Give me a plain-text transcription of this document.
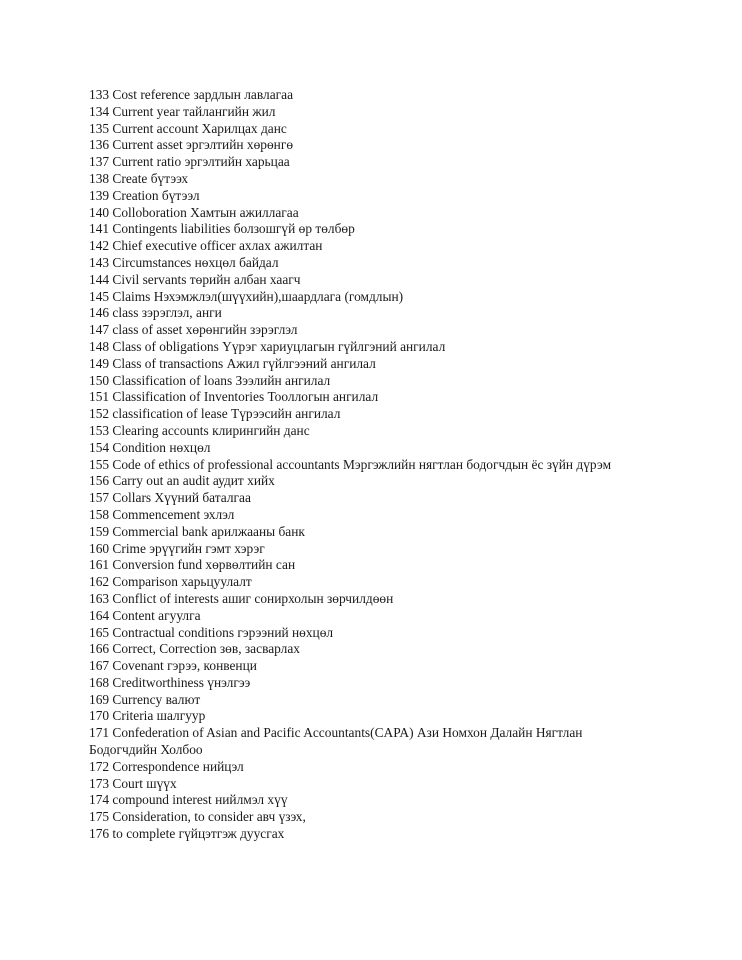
133 Cost reference зардлын лавлагаа
134 Current year тайлангийн жил
135 Current account Харилцах данс
136 Current asset эргэлтийн хөрөнгө
137 Current ratio эргэлтийн харьцаа
138 Create бүтээх
139 Creation бүтээл
140 Colloboration Хамтын ажиллагаа
141 Contingents liabilities болзошгүй өр төлбөр
142 Chief executive officer ахлах ажилтан
143 Circumstances нөхцөл байдал
144 Civil servants төрийн албан хаагч
145 Claims Нэхэмжлэл(шүүхийн),шаардлага (гомдлын)
146 class зэрэглэл, анги
147 class of asset хөрөнгийн зэрэглэл
148 Class of obligations Үүрэг хариуцлагын гүйлгэний ангилал
149 Class of transactions Ажил гүйлгээний ангилал
150 Classification of loans Зээлийн ангилал
151 Classification of Inventories Тооллогын ангилал
152 classification of lease Түрээсийн ангилал
153 Clearing accounts клирингийн данс
154 Condition нөхцөл
155 Code of ethics of professional accountants Мэргэжлийн нягтлан бодогчдын ёс зүйн дүрэм
156 Carry out an audit аудит хийх
157 Collars Хүүний баталгаа
158 Commencement эхлэл
159 Commercial bank арилжааны банк
160 Crime эрүүгийн гэмт хэрэг
161 Conversion fund хөрвөлтийн сан
162 Comparison харьцуулалт
163 Conflict of interests ашиг сонирхолын зөрчилдөөн
164 Content агуулга
165 Contractual conditions гэрээний нөхцөл
166 Correct, Correction зөв, засварлах
167 Covenant гэрээ, конвенци
168 Creditworthiness үнэлгээ
169 Currency валют
170 Criteria шалгуур
171 Confederation of Asian and Pacific Accountants(CAPA) Ази Номхон Далайн Нягтлан Бодогчдийн Холбоо
172 Correspondence нийцэл
173 Court шүүх
174 compound interest нийлмэл хүү
175 Consideration, to consider авч үзэх,
176 to complete гүйцэтгэж дуусгах
